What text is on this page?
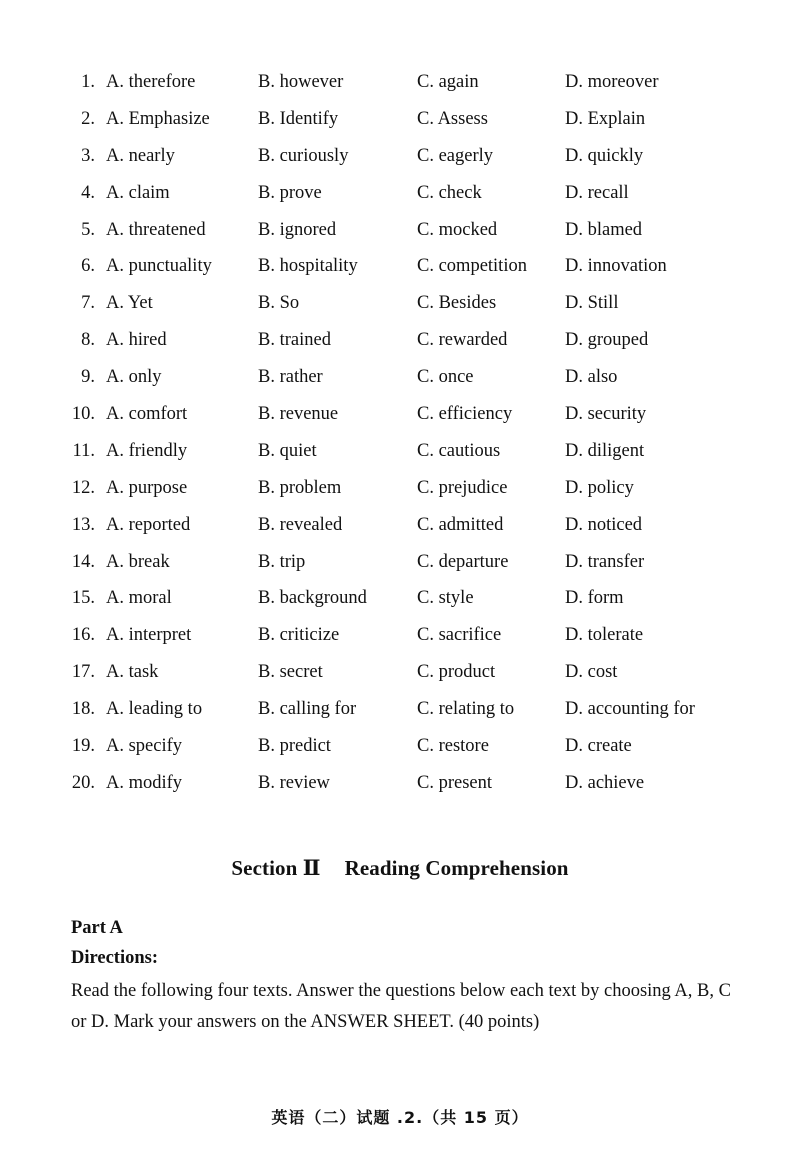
1. A. therefore	B. however	C. again	D. moreover
2. A. Emphasize	B. Identify	C. Assess	D. Explain
3. A. nearly	B. curiously	C. eagerly	D. quickly
4. A. claim	B. prove	C. check	D. recall
5. A. threatened	B. ignored	C. mocked	D. blamed
6. A. punctuality B. hospitality	C. competition D. innovation
7. A. Yet	B. So	C. Besides	D. Still
8. A. hired	B. trained	C. rewarded	D. grouped
9. A. only	B. rather	C. once	D. also
10. A. comfort	B. revenue	C. efficiency	D. security
11. A. friendly	B. quiet	C. cautious	D. diligent
12. A. purpose	B. problem	C. prejudice	D. policy
13. A. reported	B. revealed	C. admitted	D. noticed
14. A. break	B. trip	C. departure	D. transfer
15. A. moral	B. background	C. style	D. form
16. A. interpret	B. criticize	C. sacrifice	D. tolerate
17. A. task	B. secret	C. product	D. cost
18. A. leading to	B. calling for	C. relating to	D. accounting for
19. A. specify	B. predict	C. restore	D. create
20. A. modify	B. review	C. present	D. achieve
Section Ⅱ Reading Comprehension
Part A
Directions:
Read the following four texts. Answer the questions below each text by choosing A, B, C or D. Mark your answers on the ANSWER SHEET. (40 points)
英语（二）试题 .2.（共 15 页）
